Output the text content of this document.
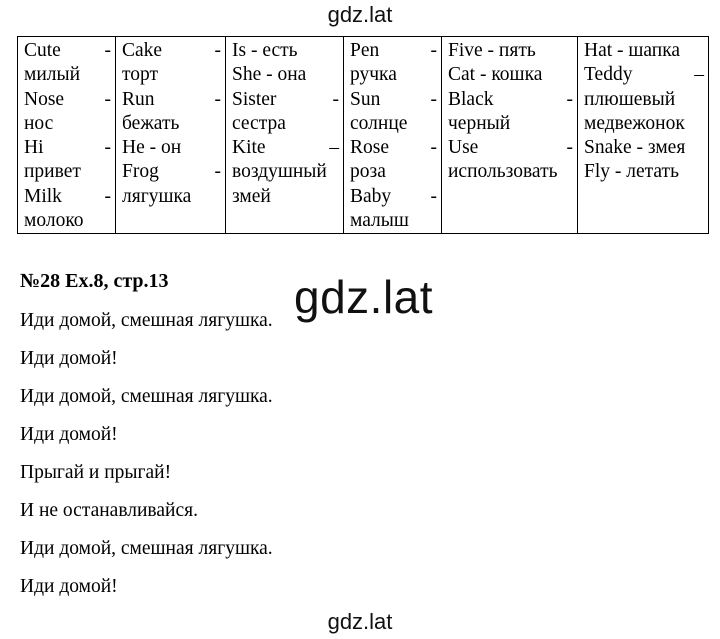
gdz.lat
Cute -
милый
Nose -
нос
Hi	-
привет
Milk -
молоко

Cake	-
торт
Run	-
бежать
He - он
Frog	-
лягушка

Is - есть
She - она
Sister	-
сестра
Kite	–
воздушный
змей

Pen	-
ручка
Sun	-
солнце
Rose -
роза
Baby -
малыш

Five - пять
Cat - кошка
Black	-
черный
Use	-
использовать

Hat - шапка
Teddy	–
плюшевый
медвежонок
Snake - змея
Fly - летать
№28 Ex.8, стр.13	gdz.lat
Иди домой, смешная лягушка.
Иди домой!
Иди домой, смешная лягушка.
Иди домой!
Прыгай и прыгай!
И не останавливайся.
Иди домой, смешная лягушка.
Иди домой!
gdz.lat
